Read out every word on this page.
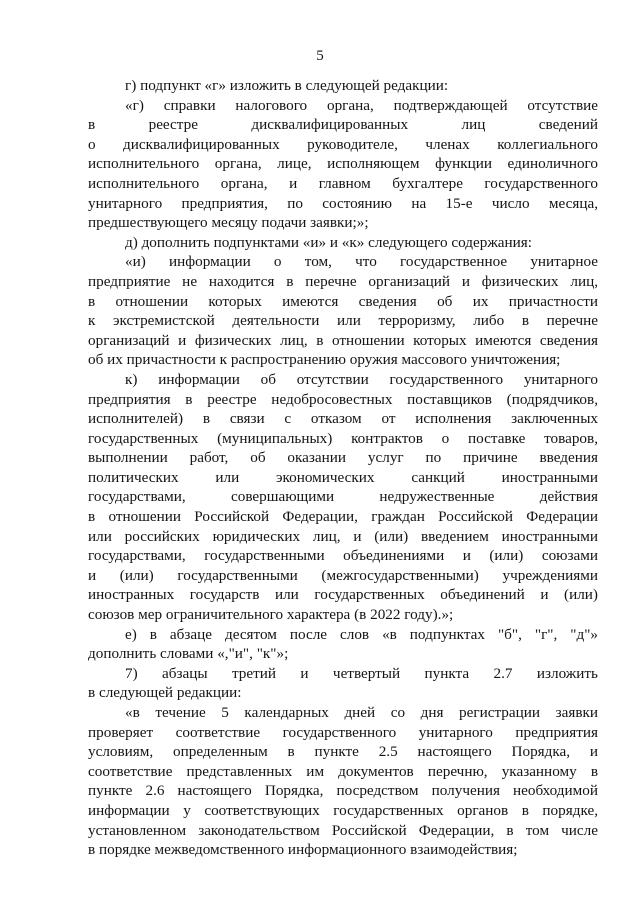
5
г) подпункт «г» изложить в следующей редакции:
«г) справки налогового органа, подтверждающей отсутствие
в реестре дисквалифицированных лиц сведений
о дисквалифицированных руководителе, членах коллегиального
исполнительного органа, лице, исполняющем функции единоличного
исполнительного органа, и главном бухгалтере государственного
унитарного предприятия, по состоянию на 15-е число месяца,
предшествующего месяцу подачи заявки;»;
д) дополнить подпунктами «и» и «к» следующего содержания:
«и) информации о том, что государственное унитарное
предприятие не находится в перечне организаций и физических лиц,
в отношении которых имеются сведения об их причастности
к экстремистской деятельности или терроризму, либо в перечне
организаций и физических лиц, в отношении которых имеются сведения
об их причастности к распространению оружия массового уничтожения;
к) информации об отсутствии государственного унитарного
предприятия в реестре недобросовестных поставщиков (подрядчиков,
исполнителей) в связи с отказом от исполнения заключенных
государственных (муниципальных) контрактов о поставке товаров,
выполнении работ, об оказании услуг по причине введения
политических или экономических санкций иностранными
государствами, совершающими недружественные действия
в отношении Российской Федерации, граждан Российской Федерации
или российских юридических лиц, и (или) введением иностранными
государствами, государственными объединениями и (или) союзами
и (или) государственными (межгосударственными) учреждениями
иностранных государств или государственных объединений и (или)
союзов мер ограничительного характера (в 2022 году).»;
е) в абзаце десятом после слов «в подпунктах "б", "г", "д"»
дополнить словами «,"и", "к"»;
7) абзацы третий и четвертый пункта 2.7 изложить
в следующей редакции:
«в течение 5 календарных дней со дня регистрации заявки
проверяет соответствие государственного унитарного предприятия
условиям, определенным в пункте 2.5 настоящего Порядка, и
соответствие представленных им документов перечню, указанному в
пункте 2.6 настоящего Порядка, посредством получения необходимой
информации у соответствующих государственных органов в порядке,
установленном законодательством Российской Федерации, в том числе
в порядке межведомственного информационного взаимодействия;
